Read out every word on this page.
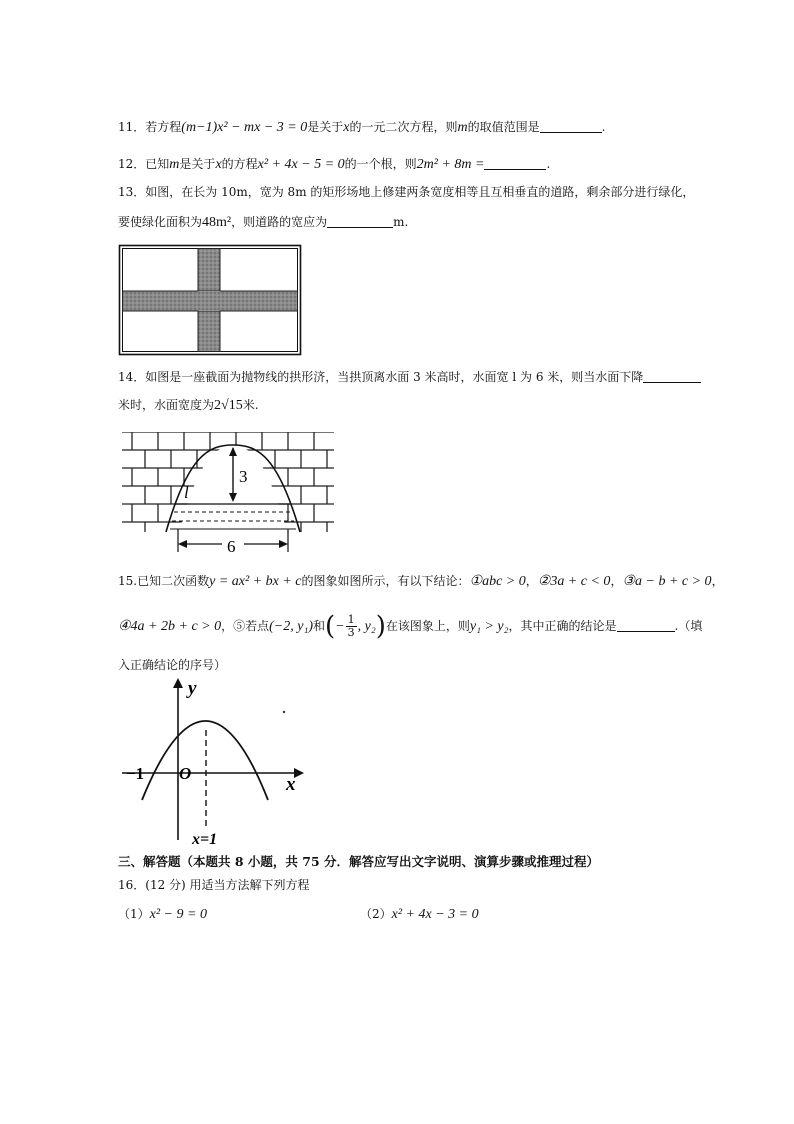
11．若方程(m−1)x² − mx − 3 = 0是关于x的一元二次方程，则m的取值范围是	.
12．已知m是关于x的方程x² + 4x − 5 = 0的一个根，则2m² + 8m =	.
13．如图，在长为 10m，宽为 8m 的矩形场地上修建两条宽度相等且互相垂直的道路，剩余部分进行绿化，
要使绿化面积为48m²，则道路的宽应为	m.
14．如图是一座截面为抛物线的拱形济，当拱顶离水面 3 米高时，水面宽 l 为 6 米，则当水面下降
米时，水面宽度为2√15米.
3
l
6
15.已知二次函数y = ax² + bx + c的图象如图所示，有以下结论：①abc > 0，②3a + c < 0，③a − b + c > 0，
④4a + 2b + c > 0，⑤若点(−2, y₁)和(− $\frac{1}{3}$ , y₂)在该图象上，则y₁ > y₂，其中正确的结论是	.（填
入正确结论的序号）
x
y
O
−1
x=1
三、解答题（本题共 8 小题，共 75 分．解答应写出文字说明、演算步骤或推理过程）
16．(12 分) 用适当方法解下列方程
（1）x² − 9 = 0	（2）x² + 4x − 3 = 0
